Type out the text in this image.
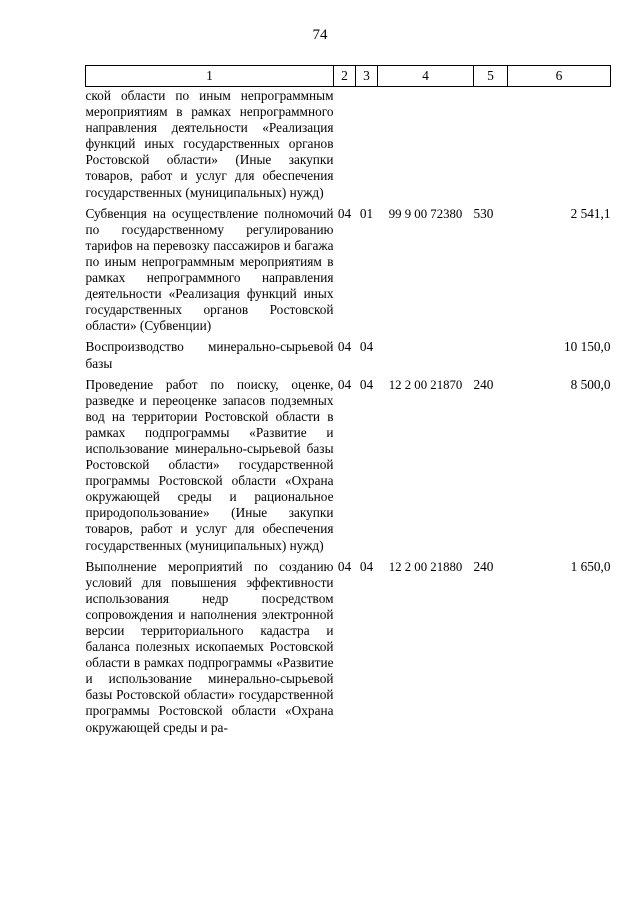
74
1	2	3	4	5	6
ской области по иным непрограммным мероприятиям в рамках непрограммного направления деятельности «Реализация функций иных государственных органов Ростовской области» (Иные закупки товаров, работ и услуг для обеспечения государственных (муниципальных) нужд)					
Субвенция на осуществление полномочий по государственному регулированию тарифов на перевозку пассажиров и багажа по иным непрограммным мероприятиям в рамках непрограммного направления деятельности «Реализация функций иных государственных органов Ростовской области» (Субвенции)	04	01	99 9 00 72380	530	2 541,1
Воспроизводство минерально-сырьевой базы	04	04			10 150,0
Проведение работ по поиску, оценке, разведке и переоценке запасов подземных вод на территории Ростовской области в рамках подпрограммы «Развитие и использование минерально-сырьевой базы Ростовской области» государственной программы Ростовской области «Охрана окружающей среды и рациональное природопользование» (Иные закупки товаров, работ и услуг для обеспечения государственных (муниципальных) нужд)	04	04	12 2 00 21870	240	8 500,0
Выполнение мероприятий по созданию условий для повышения эффективности использования недр посредством сопровождения и наполнения электронной версии территориального кадастра и баланса полезных ископаемых Ростовской области в рамках подпрограммы «Развитие и использование минерально-сырьевой базы Ростовской области» государственной программы Ростовской области «Охрана окружающей среды и ра-	04	04	12 2 00 21880	240	1 650,0
